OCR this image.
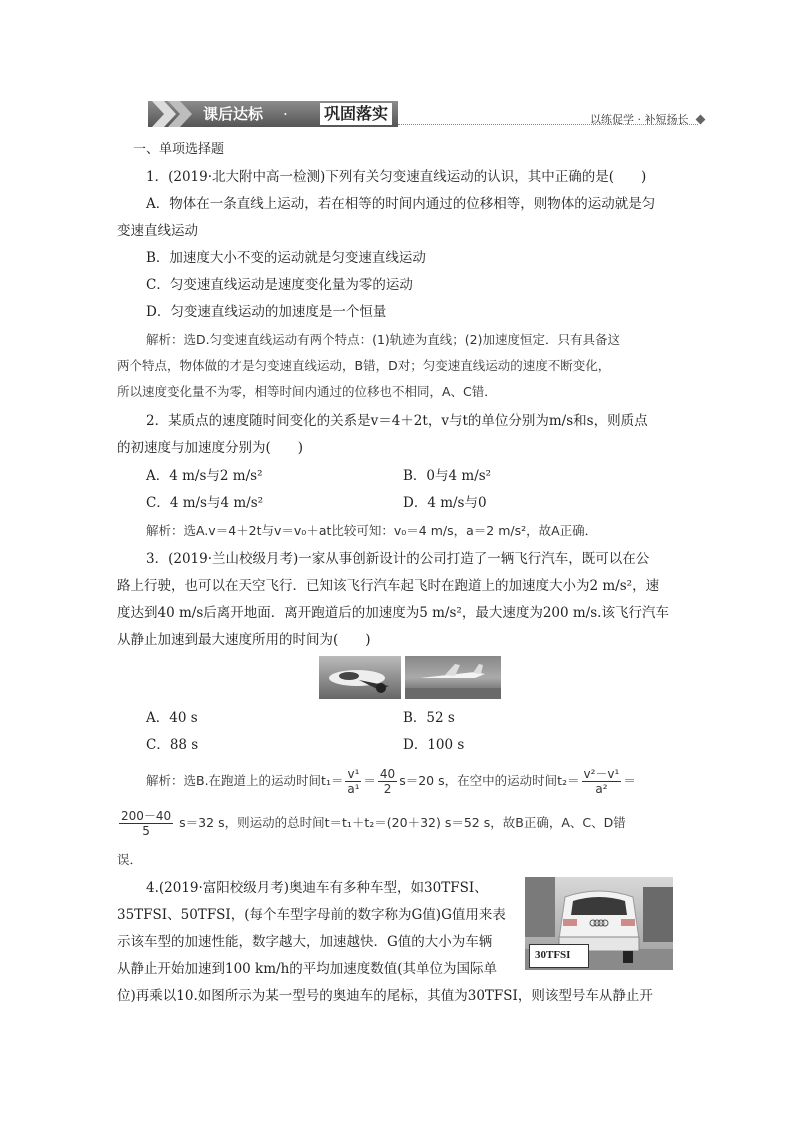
课后达标 · 巩固落实	以练促学 · 补短扬长
一、单项选择题
1．(2019·北大附中高一检测)下列有关匀变速直线运动的认识，其中正确的是(　　)
A．物体在一条直线上运动，若在相等的时间内通过的位移相等，则物体的运动就是匀
变速直线运动
B．加速度大小不变的运动就是匀变速直线运动
C．匀变速直线运动是速度变化量为零的运动
D．匀变速直线运动的加速度是一个恒量
解析：选D.匀变速直线运动有两个特点：(1)轨迹为直线；(2)加速度恒定．只有具备这
两个特点，物体做的才是匀变速直线运动，B错，D对；匀变速直线运动的速度不断变化，
所以速度变化量不为零，相等时间内通过的位移也不相同，A、C错．
2．某质点的速度随时间变化的关系是v＝4＋2t，v与t的单位分别为m/s和s，则质点
的初速度与加速度分别为(　　)
A．4 m/s与2 m/s²	B．0与4 m/s²
C．4 m/s与4 m/s²	D．4 m/s与0
解析：选A.v＝4＋2t与v＝v₀＋at比较可知：v₀＝4 m/s，a＝2 m/s²，故A正确．
3．(2019·兰山校级月考)一家从事创新设计的公司打造了一辆飞行汽车，既可以在公
路上行驶，也可以在天空飞行．已知该飞行汽车起飞时在跑道上的加速度大小为2 m/s²，速
度达到40 m/s后离开地面．离开跑道后的加速度为5 m/s²，最大速度为200 m/s.该飞行汽车
从静止加速到最大速度所用的时间为(　　)
A．40 s	B．52 s
C．88 s	D．100 s
解析：选B.在跑道上的运动时间$t_1= \frac{\text{v¹}}{\text{a¹}} = \frac{40}{2} s=20$ s，在空中的运动时间$t_2= \frac{\text{v²－v¹}}{\text{a²}}$ ＝
$\frac{200-40}{5} s=32$ s，则运动的总时间t＝t₁＋t₂＝(20＋32) s＝52 s，故B正确，A、C、D错
误．
4.(2019·富阳校级月考)奥迪车有多种车型，如30TFSI、
35TFSI、50TFSI，(每个车型字母前的数字称为G值)G值用来表
示该车型的加速性能，数字越大，加速越快．G值的大小为车辆
从静止开始加速到100 km/h的平均加速度数值(其单位为国际单
位)再乘以10.如图所示为某一型号的奥迪车的尾标，其值为30TFSI，则该型号车从静止开
30TFSI
